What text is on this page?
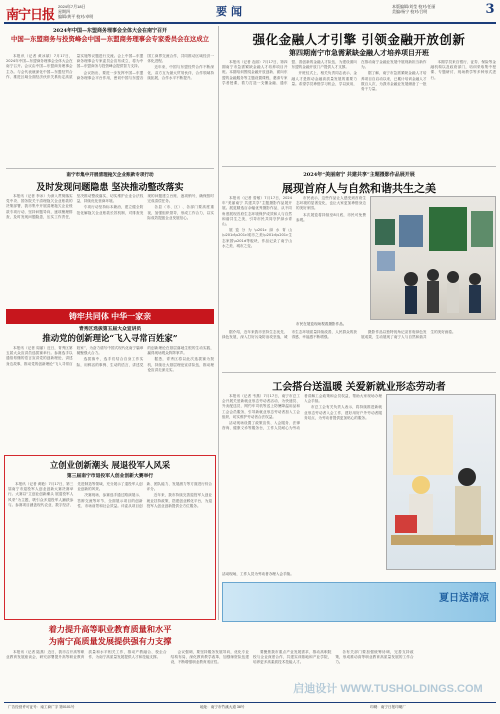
南宁日报
2024年7月18日
星期四
编辑/黄平 校对/卓明	要闻	本版编辑/刘莹 校对/任丽
美编/杨宁 校对/吕明	3
2024年中国—东盟商务理事会全体大会在南宁召开
中国—东盟商务与投资峰会中国—东盟商务理事会专家委员会在这成立

本报讯（记者 黄冰斌）7月17日，2024年中国—东盟商务理事会全体大会在南宁召开。会议由中国—东盟商务理事会主办。与会代表就深化中国—东盟经贸合作、推进区域全面经济伙伴关系协定高质量实施等议题进行交流。会上中国—东盟商务理事会专家委员会宣布成立，将为中国—东盟商务与投资峰会提供智力支持。

会议指出，要进一步发挥中国—东盟商务理事会平台作用，密切中国与东盟各国工商界交流合作，共同推动区域经济一体化进程。

近年来，中国与东盟经贸合作不断深化，双方互为最大贸易伙伴，合作领域持续拓展，合作水平不断提升。

南宁市集中开展清理拖欠企业账款专项行动
及时发现问题隐患 坚决推动整改落实

本报讯（记者 李冰）为深入贯彻落实党中央、国务院关于清理拖欠企业账款的决策部署，我市集中开展清理拖欠企业账款专项行动，坚持问题导向，逐项梳理排查，及时发现问题隐患，压实工作责任，坚决推动整改落实，切实维护企业合法权益，持续优化营商环境。

专项行动坚持标本兼治，建立健全防范化解拖欠企业账款长效机制，对排查发现的问题建立台账、逐项销号，确保按时完成清偿任务。

各县（市、区）、各部门要高度重视，加强组织领导，形成工作合力，以实际成效提振企业发展信心。

铸牢共同体 中华一家亲
青秀区选拔第五届大众宣讲员
推动党的创新理论“飞入寻常百姓家”

本报讯（记者 周丽）近日，青秀区第五届大众宣讲员选拔赛举行。参赛选手以通俗易懂的语言宣讲党的创新理论，讲述身边故事，推动党的创新理论“飞入寻常百姓家”，为奋力谱写中国式现代化南宁篇章凝聚强大合力。

选拔赛中，选手们结合自身工作实际，用鲜活的事例、生动的语言，讲述党的创新理论在基层落地生根的生动实践，赢得现场观众阵阵掌声。

据悉，青秀区将以此次选拔赛为契机，持续壮大基层理论宣讲队伍，推动理论宣讲走深走实。

立创业创新潮头 展退役军人风采
第三届南宁市退役军人创业创新大赛举行

本报讯（记者 黄艳）7月17日，第三届南宁市退役军人创业创新大赛决赛举行。大赛以“立创业创新潮头 展退役军人风采”为主题，吸引众多退役军人踊跃参与。参赛项目涵盖现代农业、数字经济、先进制造等领域，充分展示了退役军人创业创新的风采。

决赛现场，参赛选手通过路演展示、答辩交流等环节，全面展示项目的创新性、市场前景和社会效益。评委从项目创新、团队能力、发展潜力等方面进行综合评分。

近年来，我市持续完善退役军人创业就业扶持政策，搭建创业孵化平台，为退役军人创业创新提供全方位服务。

着力提升高等职业教育质量和水平
为南宁高质量发展提供强有力支撑

本报讯（记者 陆燕）近日，我市召开高等职业教育发展座谈会，研究部署提升高等职业教育质量和水平相关工作，推动产教融合、校企合作，为南宁高质量发展提供人才和技能支撑。

会议强调，要坚持服务发展导向，优化专业结构布局，深化教育教学改革，加强师资队伍建设，不断增强职业教育适应性。

要聚焦我市重点产业发展需求，推动高职院校与企业深度合作，共建实训基地和产业学院，培养更多高素质技术技能人才。

各有关部门要加强统筹协调，完善支持政策，形成推动高等职业教育高质量发展的工作合力。

强化金融人才引擎 引领金融开放创新
第四期南宁市急需紧缺金融人才培养项目开班

本报讯（记者 农丽）7月17日，第四期南宁市急需紧缺金融人才培养项目开班。本期培训围绕金融开放创新、面向东盟的金融服务等主题设置课程，邀请专家学者授课，着力打造一支懂金融、通东盟、善创新的金融人才队伍，为建设面向东盟的金融开放门户提供人才支撑。

开班仪式上，相关负责同志表示，金融人才是推动金融高质量发展的重要力量。希望学员珍惜学习机会，学以致用，在推动南宁金融业发展中展现新担当新作为。

据了解，南宁市急需紧缺金融人才培养项目自启动以来，已累计培训金融人才数百人次，为我市金融业发展储备了一批骨干力量。

本期学员来自银行、证券、保险等金融机构以及政府部门，培训采取集中授课、专题研讨、现场教学等多种形式进行。

2024年“美丽南宁 共建共享”主题摄影作品展开展
展现首府人与自然和谐共生之美

本报讯（记者 曾敏）7月17日，2024年“美丽南宁 共建共享”主题摄影作品展开展。展览精选百余幅优秀摄影作品，从不同角度展现首府生态环境保护成效和人与自然和谐共生之美，引导市民共同守护绿水青山。

展览分为\u201c绿水青山\u201d\u201c城市之美\u201d\u201c生态家园\u201d等板块，作品记录了南宁山水之美、城市之变。

市民表示，这些作品让人感受到首府生态环境的显著变化，也让大家更加珍惜身边的美好家园。

本次展览将持续至8月底，市民可免费参观。

市民在展览现场观看摄影作品。

据介绍，近年来我市坚持生态优先、绿色发展，深入打好污染防治攻坚战，城市生态环境质量持续改善，人民群众的获得感、幸福感不断增强。

摄影作品以独特视角记录首府绿色发展成果，生动展现了南宁人与自然和谐共生的美好画卷。

工会搭台送温暖 关爱新就业形态劳动者

本报讯（记者 韦燕）7月17日，南宁市总工会开展关爱新就业形态劳动者活动，为快递员、外卖配送员、网约车司机等送上防暑降温用品和工会会员服务，引导新就业形态劳动者加入工会组织，切实维护劳动者合法权益。

活动现场设置了政策宣传、入会服务、法律咨询、健康义诊等服务台，工作人员耐心为劳动者讲解工会政策和会员权益，帮助大家现场办理入会手续。

市总工会有关负责人表示，将持续推进新就业形态劳动者入会工作，建好用好户外劳动者服务站点，为劳动者提供更加贴心的服务。

活动现场，工作人员为劳动者办理入会手续。
夏日送清凉
广告经营许可证号：南工商广字 第0101号	地址：南宁市竹溪大道 38号	印刷：南宁日报印刷厂
启迪设计 WWW.TUSHOLDINGS.COM
